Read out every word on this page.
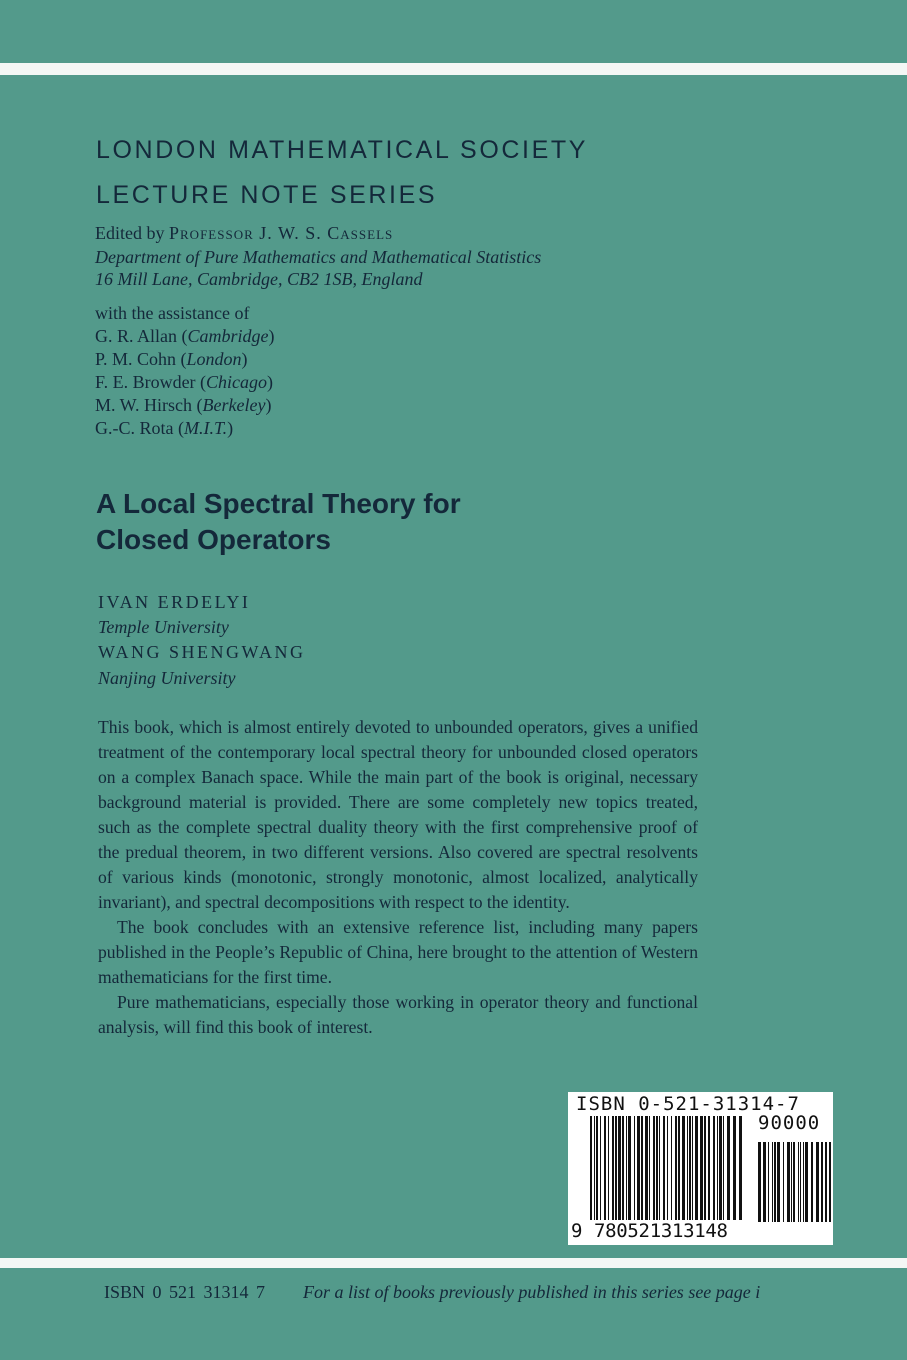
LONDON MATHEMATICAL SOCIETY
LECTURE NOTE SERIES
Edited by Professor J. W. S. Cassels
Department of Pure Mathematics and Mathematical Statistics
16 Mill Lane, Cambridge, CB2 1SB, England
with the assistance of
G. R. Allan (Cambridge)
P. M. Cohn (London)
F. E. Browder (Chicago)
M. W. Hirsch (Berkeley)
G.-C. Rota (M.I.T.)
A Local Spectral Theory for
Closed Operators
IVAN ERDELYI
Temple University
WANG SHENGWANG
Nanjing University

This book, which is almost entirely devoted to unbounded operators, gives a unified treatment of the contemporary local spectral theory for unbounded closed operators on a complex Banach space. While the main part of the book is original, necessary background material is provided. There are some completely new topics treated, such as the complete spectral duality theory with the first comprehensive proof of the predual theorem, in two different versions. Also covered are spectral resolvents of various kinds (monotonic, strongly monotonic, almost localized, analytically invariant), and spectral decompositions with respect to the identity.

The book concludes with an extensive reference list, including many papers published in the People’s Republic of China, here brought to the attention of Western mathematicians for the first time.

Pure mathematicians, especially those working in operator theory and functional analysis, will find this book of interest.

ISBN 0-521-31314-7
90000
9 780521313148
ISBN 0 521 31314 7 For a list of books previously published in this series see page i
